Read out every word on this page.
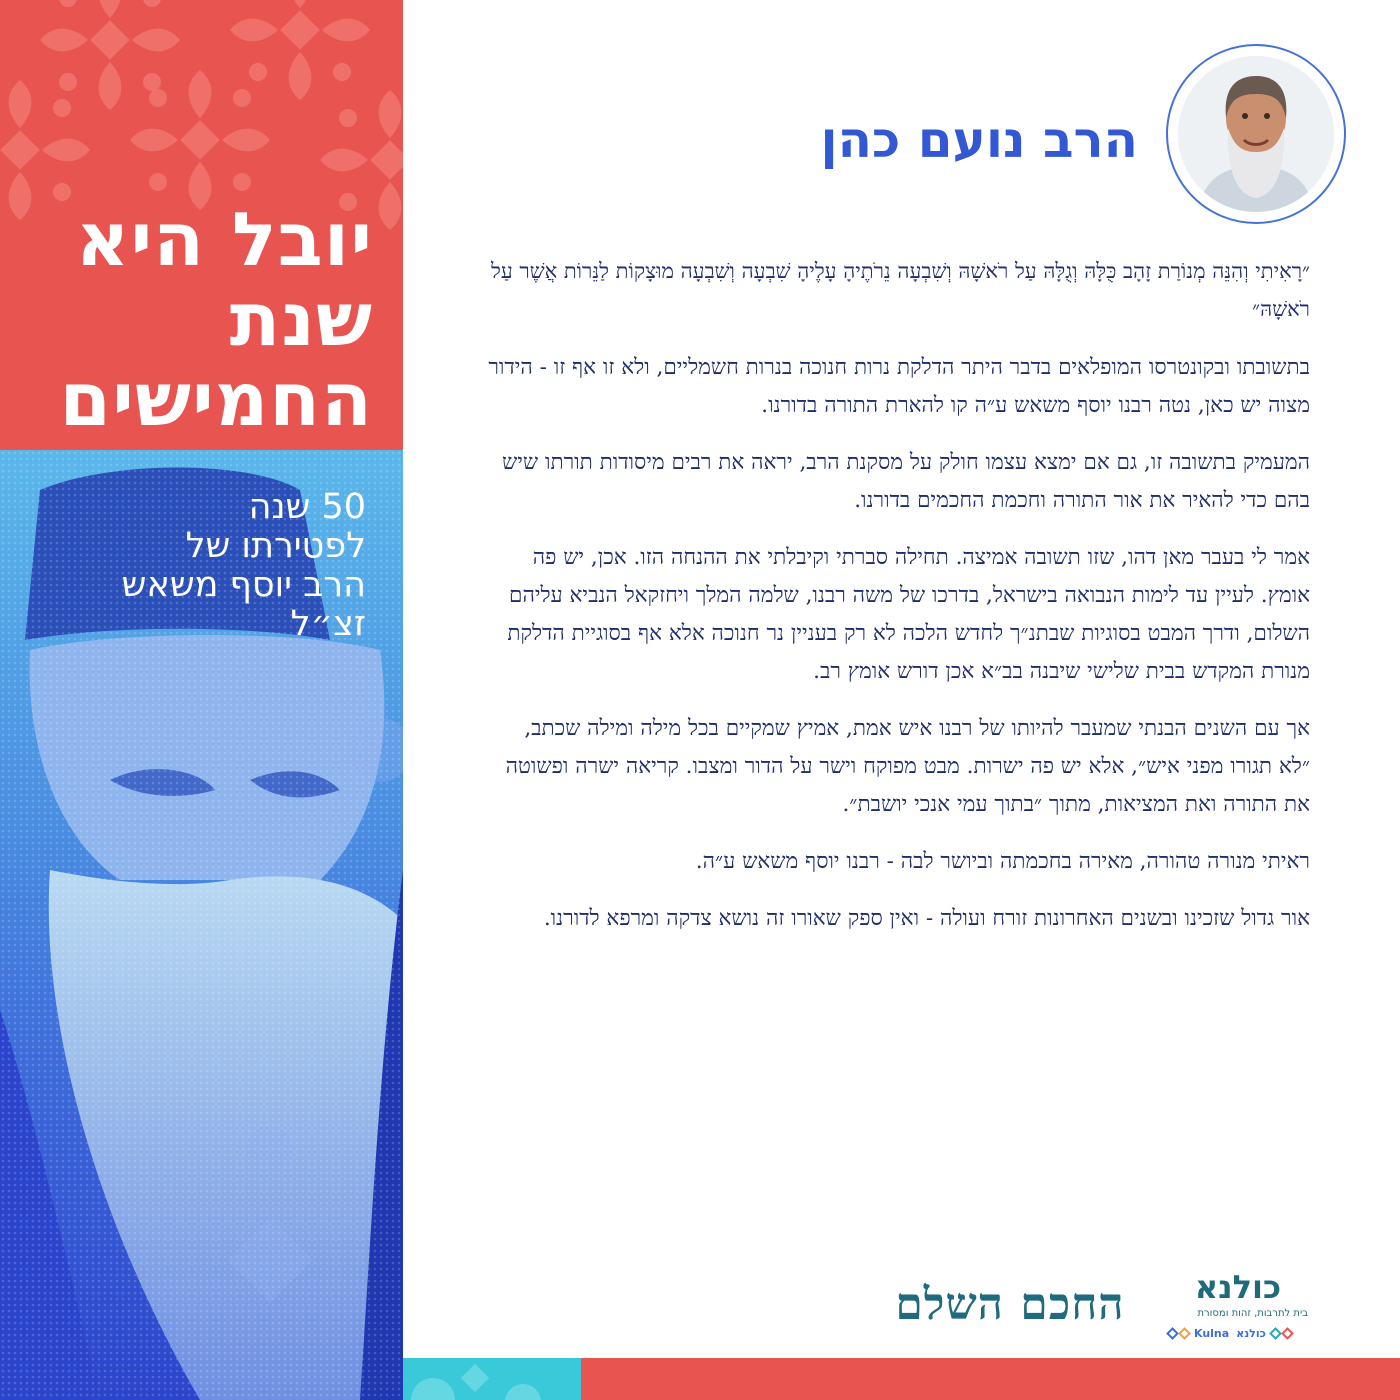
יובל היא
שנת
החמישים
50 שנה
לפטירתו של
הרב יוסף משאש
זצ״ל
הרב נועם כהן

״רָאִיתִי וְהִנֵּה מְנוֹרַת זָהָב כֻּלָּהּ וְגֻלָּהּ עַל רֹאשָׁהּ וְשִׁבְעָה נֵרֹתֶיהָ עָלֶיהָ שִׁבְעָה וְשִׁבְעָה מוּצָקוֹת לַנֵּרוֹת אֲשֶׁר עַל רֹאשָׁהּ״

בתשובתו ובקונטרסו המופלאים בדבר היתר הדלקת נרות חנוכה בנרות חשמליים, ולא זו אף זו - הידור מצוה יש כאן, נטה רבנו יוסף משאש ע״ה קו להארת התורה בדורנו.

המעמיק בתשובה זו, גם אם ימצא עצמו חולק על מסקנת הרב, יראה את רבים מיסודות תורתו שיש בהם כדי להאיר את אור התורה וחכמת החכמים בדורנו.

אמר לי בעבר מאן דהו, שזו תשובה אמיצה. תחילה סברתי וקיבלתי את ההנחה הזו. אכן, יש פה אומץ. לעיין עד לימות הנבואה בישראל, בדרכו של משה רבנו, שלמה המלך ויחזקאל הנביא עליהם השלום, ודרך המבט בסוגיות שבתנ״ך לחדש הלכה לא רק בעניין נר חנוכה אלא אף בסוגיית הדלקת מנורת המקדש בבית שלישי שיבנה בב״א אכן דורש אומץ רב.

אך עם השנים הבנתי שמעבר להיותו של רבנו איש אמת, אמיץ שמקיים בכל מילה ומילה שכתב, ״לא תגורו מפני איש״, אלא יש פה ישרות. מבט מפוקח וישר על הדור ומצבו. קריאה ישרה ופשוטה את התורה ואת המציאות, מתוך ״בתוך עמי אנכי יושבת״.

ראיתי מנורה טהורה, מאירה בחכמתה וביושר לבה - רבנו יוסף משאש ע״ה.

אור גדול שזכינו ובשנים האחרונות זורח ועולה - ואין ספק שאורו זה נושא צדקה ומרפא לדורנו.

החכם השלם	כולנא
בית לתרבות, זהות ומסורת
Kulna כולנא
